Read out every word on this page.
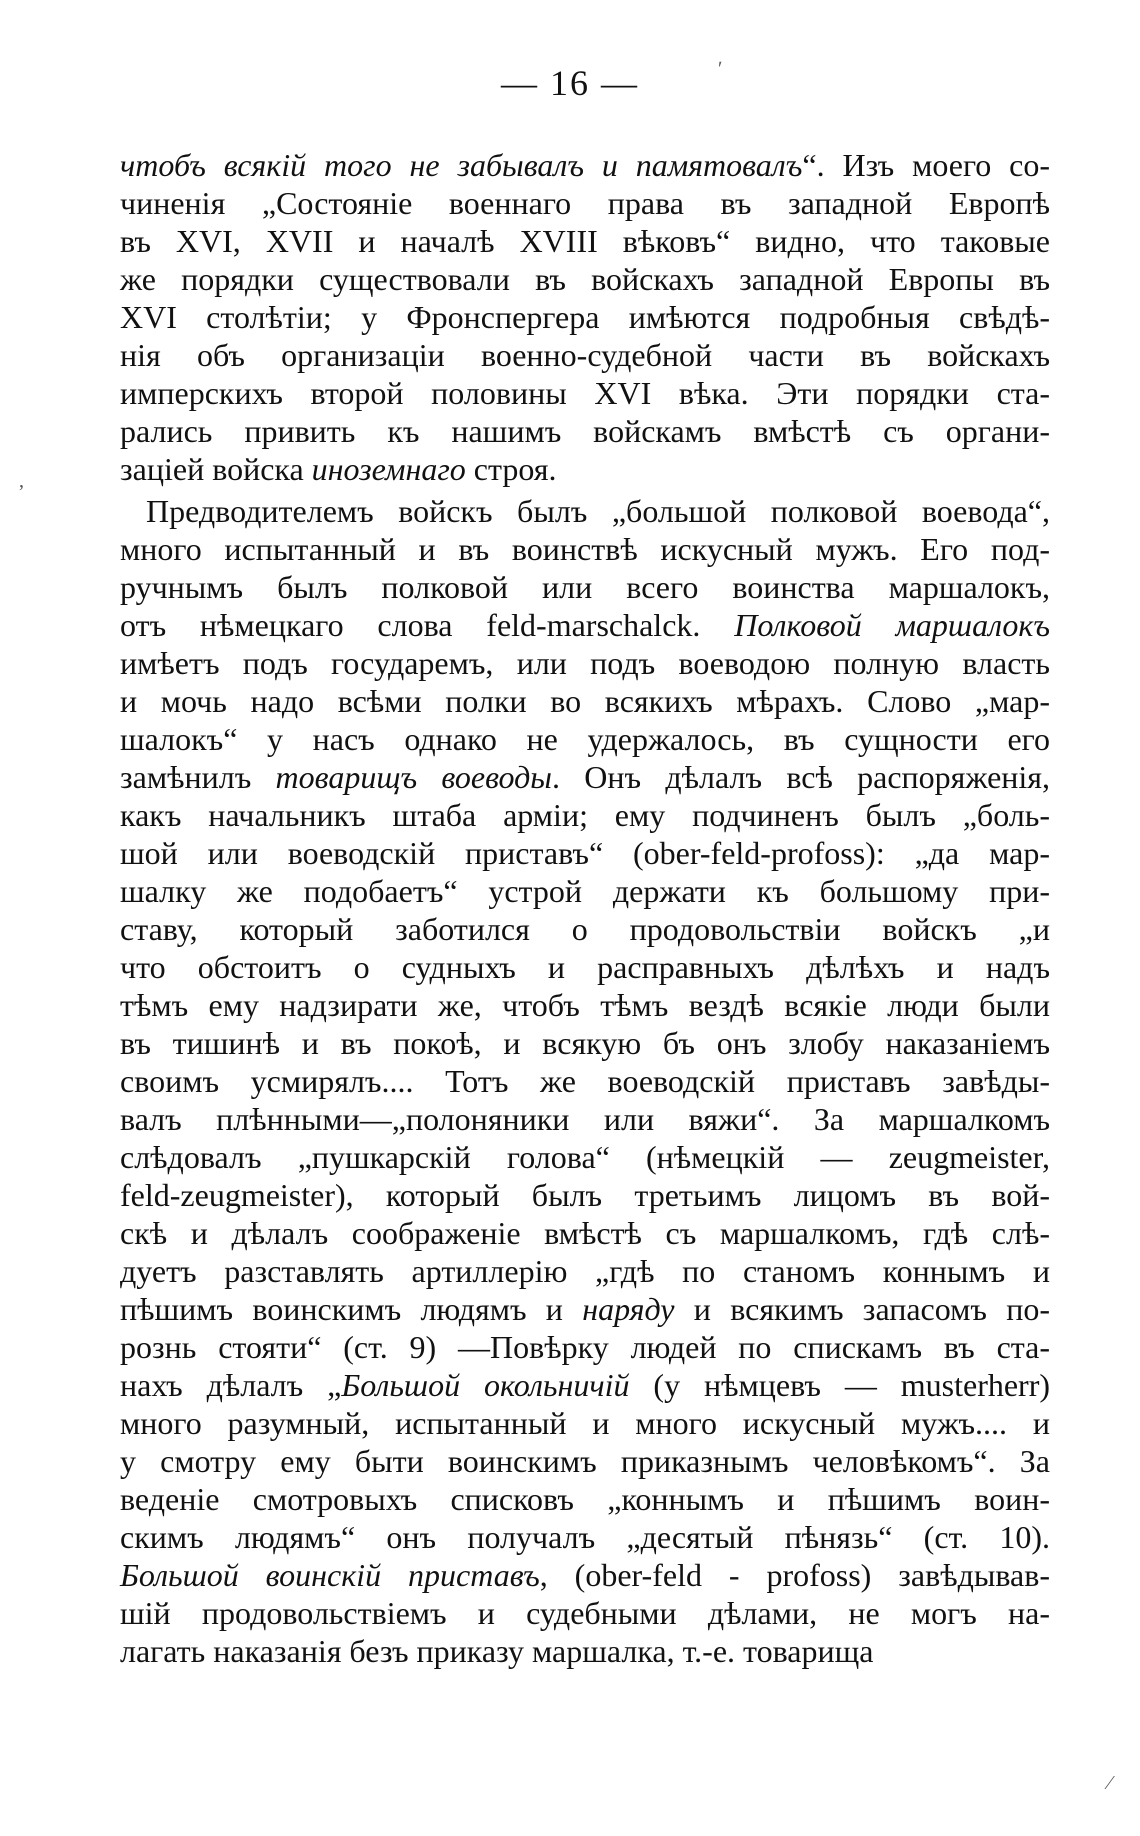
— 16 —
чтобъ всякій того не забывалъ и памятовалъ“. Изъ моего со-
чиненія „Состояніе военнаго права въ западной Европѣ
въ XVI, XVII и началѣ XVIII вѣковъ“ видно, что таковые
же порядки существовали въ войскахъ западной Европы въ
XVI столѣтіи; у Фронспергера имѣются подробныя свѣдѣ-
нія объ организаціи военно-судебной части въ войскахъ
имперскихъ второй половины XVI вѣка. Эти порядки ста-
рались привить къ нашимъ войскамъ вмѣстѣ съ органи-
заціей войска иноземнаго строя.
Предводителемъ войскъ былъ „большой полковой воевода“,
много испытанный и въ воинствѣ искусный мужъ. Его под-
ручнымъ былъ полковой или всего воинства маршалокъ,
отъ нѣмецкаго слова feld-marschalck. Полковой маршалокъ
имѣетъ подъ государемъ, или подъ воеводою полную власть
и мочь надо всѣми полки во всякихъ мѣрахъ. Слово „мар-
шалокъ“ у насъ однако не удержалось, въ сущности его
замѣнилъ товарищъ воеводы. Онъ дѣлалъ всѣ распоряженія,
какъ начальникъ штаба арміи; ему подчиненъ былъ „боль-
шой или воеводскій приставъ“ (ober-feld-profoss): „да мар-
шалку же подобаетъ“ устрой держати къ большому при-
ставу, который заботился о продовольствіи войскъ „и
что обстоитъ о судныхъ и расправныхъ дѣлѣхъ и надъ
тѣмъ ему надзирати же, чтобъ тѣмъ вездѣ всякіе люди были
въ тишинѣ и въ покоѣ, и всякую бъ онъ злобу наказаніемъ
своимъ усмирялъ.... Тотъ же воеводскій приставъ завѣды-
валъ плѣнными—„полоняники или вяжи“. За маршалкомъ
слѣдовалъ „пушкарскій голова“ (нѣмецкій — zeugmeister,
feld-zeugmeister), который былъ третьимъ лицомъ въ вой-
скѣ и дѣлалъ соображеніе вмѣстѣ съ маршалкомъ, гдѣ слѣ-
дуетъ разставлять артиллерію „гдѣ по станомъ коннымъ и
пѣшимъ воинскимъ людямъ и наряду и всякимъ запасомъ по-
рознь стояти“ (ст. 9) —Повѣрку людей по спискамъ въ ста-
нахъ дѣлалъ „Большой окольничій (у нѣмцевъ — musterherr)
много разумный, испытанный и много искусный мужъ.... и
у смотру ему быти воинскимъ приказнымъ человѣкомъ“. За
веденіе смотровыхъ списковъ „коннымъ и пѣшимъ воин-
скимъ людямъ“ онъ получалъ „десятый пѣнязь“ (ст. 10).
Большой воинскій приставъ, (ober-feld - profoss) завѣдывав-
шій продовольствіемъ и судебными дѣлами, не могъ на-
лагать наказанія безъ приказу маршалка, т.-е. товарища
‚
⁄
ʹ
